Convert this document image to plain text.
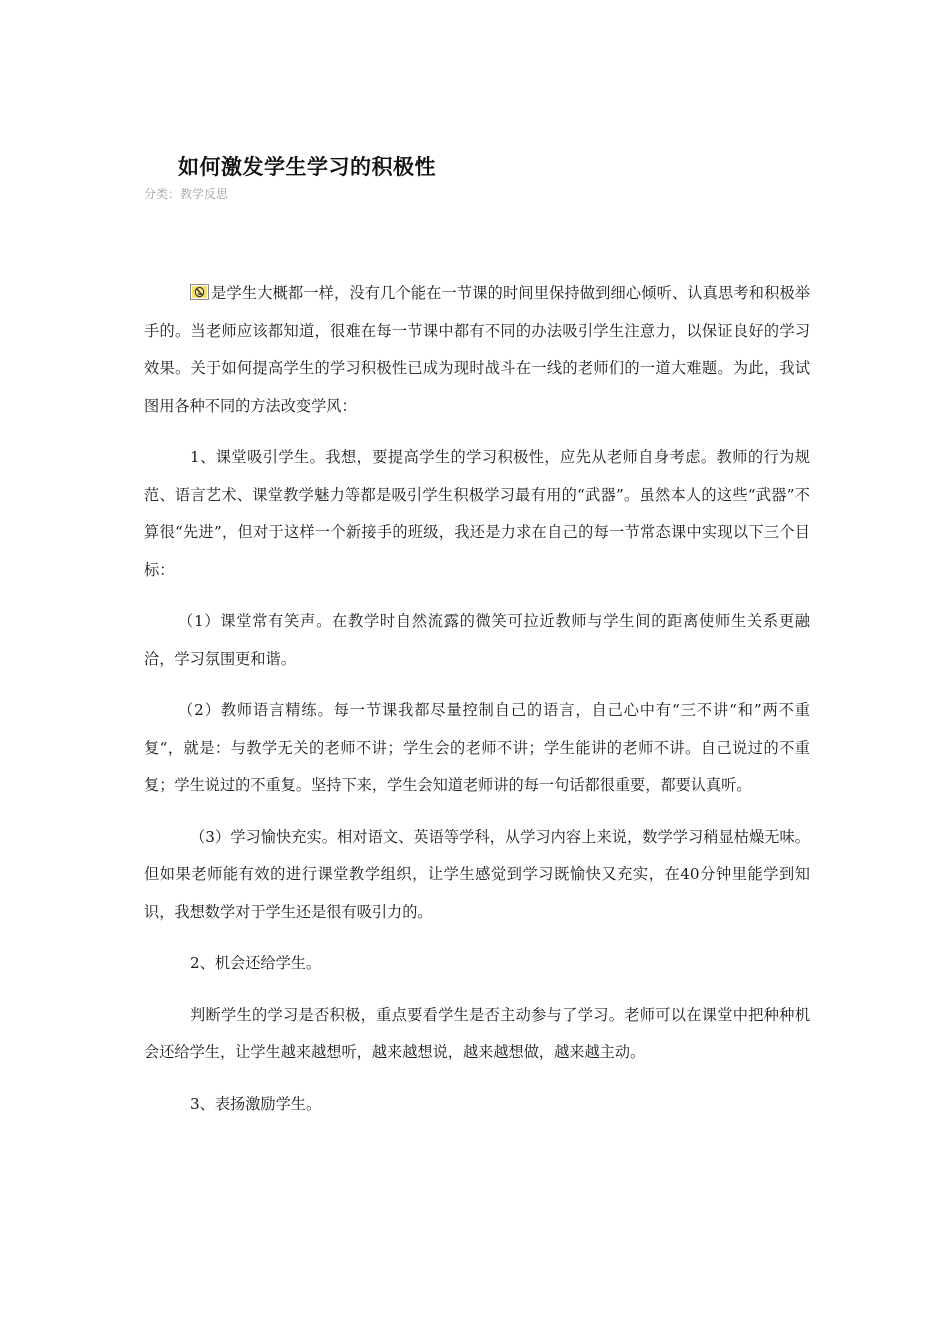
如何激发学生学习的积极性
分类：教学反思

是学生大概都一样，没有几个能在一节课的时间里保持做到细心倾听、认真思考和积极举手的。当老师应该都知道，很难在每一节课中都有不同的办法吸引学生注意力，以保证良好的学习效果。关于如何提高学生的学习积极性已成为现时战斗在一线的老师们的一道大难题。为此，我试图用各种不同的方法改变学风：

1、课堂吸引学生。我想，要提高学生的学习积极性，应先从老师自身考虑。教师的行为规范、语言艺术、课堂教学魅力等都是吸引学生积极学习最有用的“武器”。虽然本人的这些“武器”不算很“先进”，但对于这样一个新接手的班级，我还是力求在自己的每一节常态课中实现以下三个目标：

（1）课堂常有笑声。在教学时自然流露的微笑可拉近教师与学生间的距离使师生关系更融洽，学习氛围更和谐。

（2）教师语言精练。每一节课我都尽量控制自己的语言，自己心中有“三不讲“和”两不重复“，就是：与教学无关的老师不讲；学生会的老师不讲；学生能讲的老师不讲。自己说过的不重复；学生说过的不重复。坚持下来，学生会知道老师讲的每一句话都很重要，都要认真听。

（3）学习愉快充实。相对语文、英语等学科，从学习内容上来说，数学学习稍显枯燥无味。但如果老师能有效的进行课堂教学组织，让学生感觉到学习既愉快又充实，在40分钟里能学到知识，我想数学对于学生还是很有吸引力的。

2、机会还给学生。

判断学生的学习是否积极，重点要看学生是否主动参与了学习。老师可以在课堂中把种种机会还给学生，让学生越来越想听，越来越想说，越来越想做，越来越主动。

3、表扬激励学生。
